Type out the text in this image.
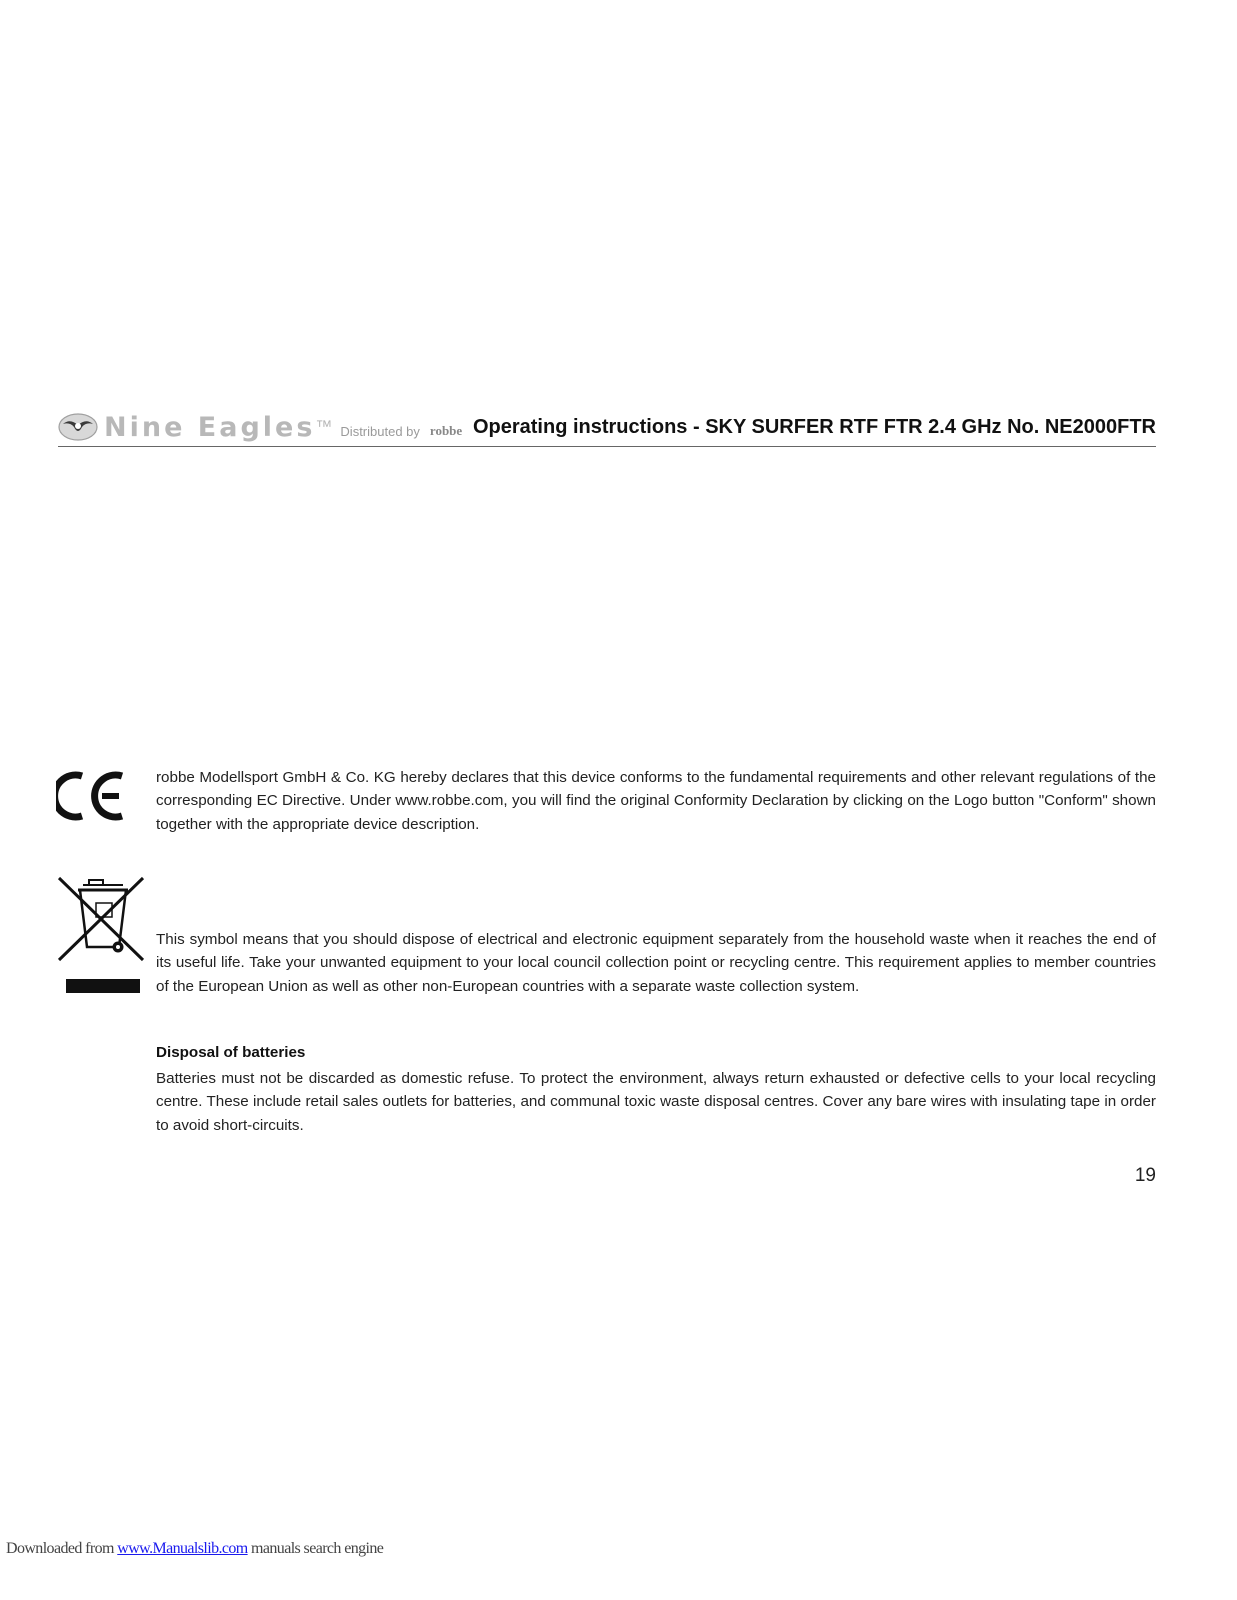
Nine Eagles ™ Distributed by robbe Operating instructions - SKY SURFER RTF FTR 2.4 GHz No. NE2000FTR

robbe Modellsport GmbH & Co. KG hereby declares that this device conforms to the fundamental requirements and other relevant regulations of the corresponding EC Directive. Under www.robbe.com, you will find the original Conformity Declaration by clicking on the Logo button "Conform" shown together with the appropriate device description.

This symbol means that you should dispose of electrical and electronic equipment separately from the household waste when it reaches the end of its useful life. Take your unwanted equipment to your local council collection point or recycling centre. This requirement applies to member countries of the European Union as well as other non-European countries with a separate waste collection system.

Disposal of batteries

Batteries must not be discarded as domestic refuse. To protect the environment, always return exhausted or defective cells to your local recycling centre. These include retail sales outlets for batteries, and communal toxic waste disposal centres. Cover any bare wires with insulating tape in order to avoid short-circuits.

19
Downloaded from www.Manualslib.com manuals search engine
